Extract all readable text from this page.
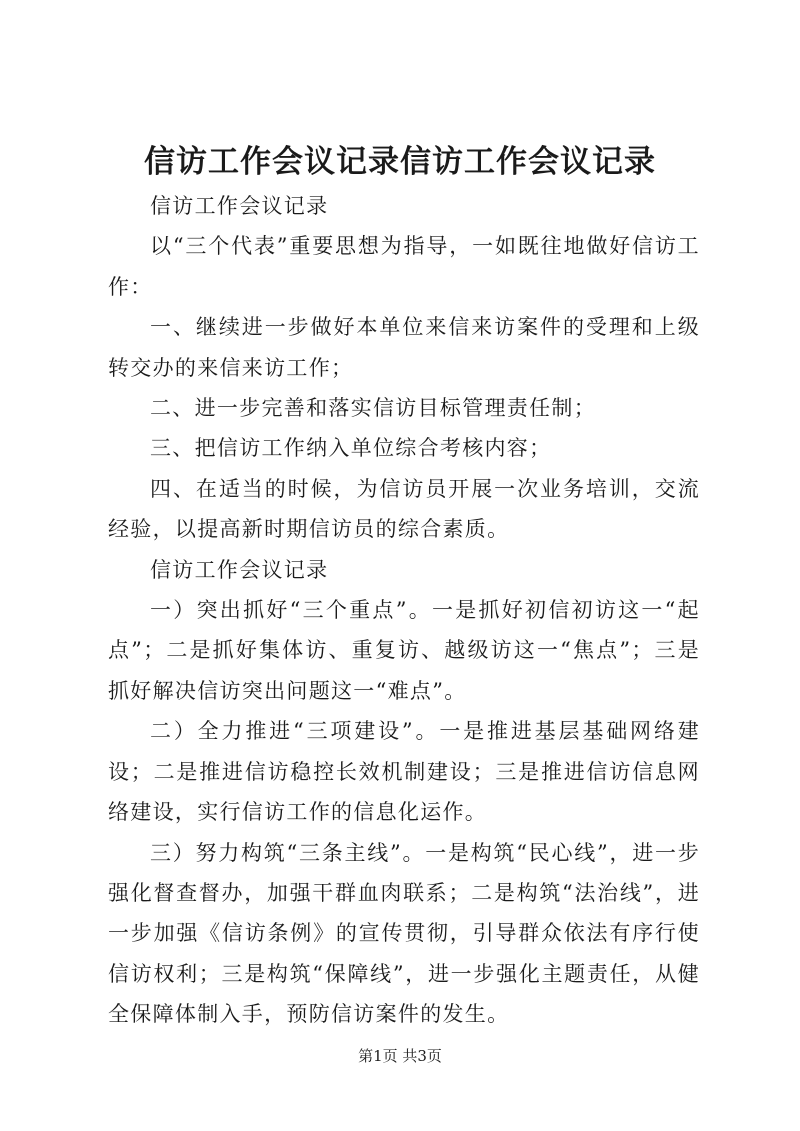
信访工作会议记录信访工作会议记录

信访工作会议记录

以“三个代表”重要思想为指导，一如既往地做好信访工作：

一、继续进一步做好本单位来信来访案件的受理和上级转交办的来信来访工作；

二、进一步完善和落实信访目标管理责任制；

三、把信访工作纳入单位综合考核内容；

四、在适当的时候，为信访员开展一次业务培训，交流经验，以提高新时期信访员的综合素质。

信访工作会议记录

一）突出抓好“三个重点”。一是抓好初信初访这一“起点”；二是抓好集体访、重复访、越级访这一“焦点”；三是抓好解决信访突出问题这一“难点”。

二）全力推进“三项建设”。一是推进基层基础网络建设；二是推进信访稳控长效机制建设；三是推进信访信息网络建设，实行信访工作的信息化运作。

三）努力构筑“三条主线”。一是构筑“民心线”，进一步强化督查督办，加强干群血肉联系；二是构筑“法治线”，进一步加强《信访条例》的宣传贯彻，引导群众依法有序行使信访权利；三是构筑“保障线”，进一步强化主题责任，从健全保障体制入手，预防信访案件的发生。

第1页 共3页
